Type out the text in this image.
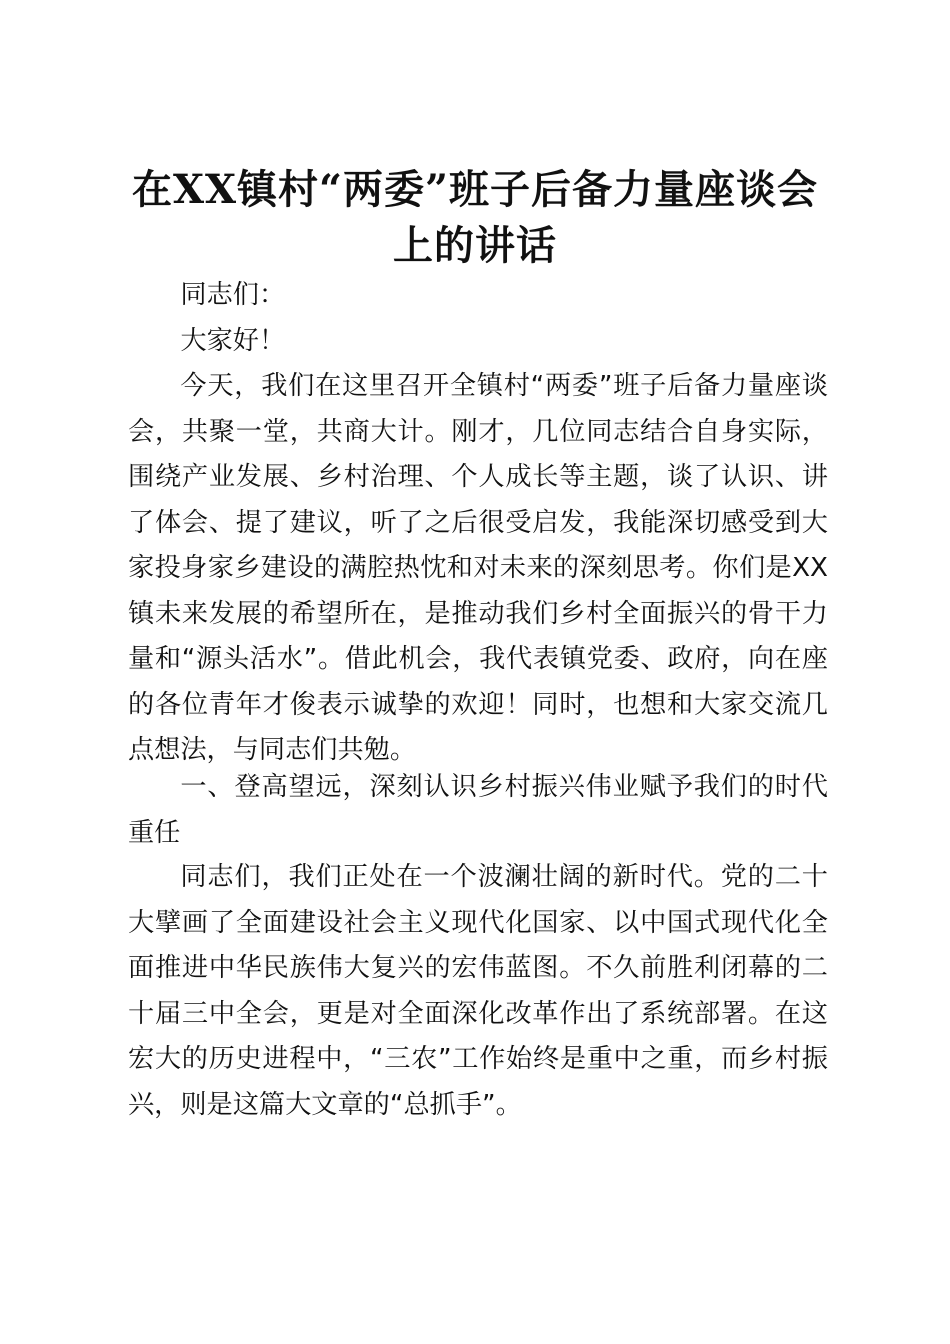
在XX镇村“两委”班子后备力量座谈会上的讲话

同志们：

大家好！

今天，我们在这里召开全镇村“两委”班子后备力量座谈会，共聚一堂，共商大计。刚才，几位同志结合自身实际，围绕产业发展、乡村治理、个人成长等主题，谈了认识、讲了体会、提了建议，听了之后很受启发，我能深切感受到大家投身家乡建设的满腔热忱和对未来的深刻思考。你们是XX镇未来发展的希望所在，是推动我们乡村全面振兴的骨干力量和“源头活水”。借此机会，我代表镇党委、政府，向在座的各位青年才俊表示诚挚的欢迎！同时，也想和大家交流几点想法，与同志们共勉。

一、登高望远，深刻认识乡村振兴伟业赋予我们的时代重任

同志们，我们正处在一个波澜壮阔的新时代。党的二十大擘画了全面建设社会主义现代化国家、以中国式现代化全面推进中华民族伟大复兴的宏伟蓝图。不久前胜利闭幕的二十届三中全会，更是对全面深化改革作出了系统部署。在这宏大的历史进程中，“三农”工作始终是重中之重，而乡村振兴，则是这篇大文章的“总抓手”。
